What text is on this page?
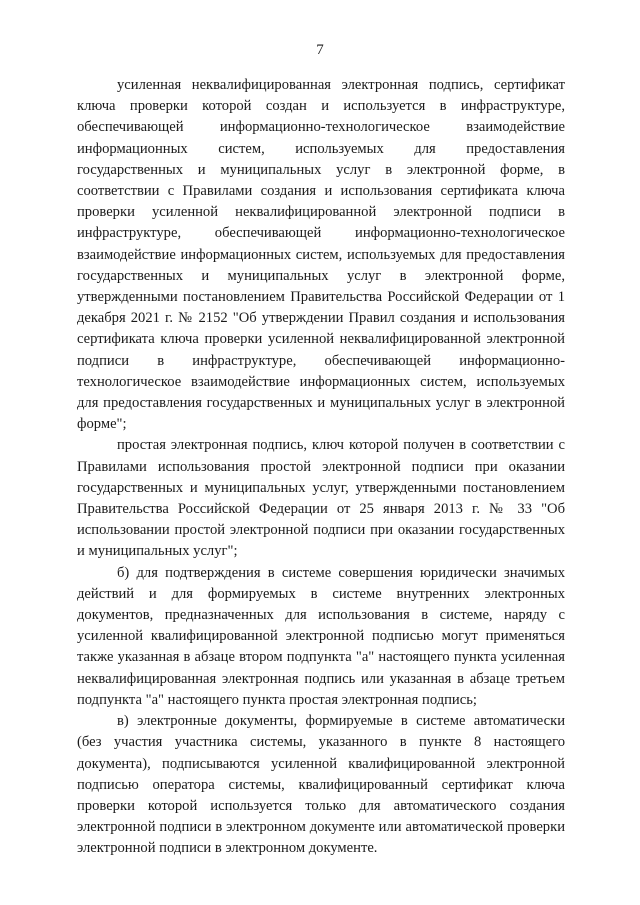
7

усиленная неквалифицированная электронная подпись, сертификат ключа проверки которой создан и используется в инфраструктуре, обеспечивающей информационно-технологическое взаимодействие информационных систем, используемых для предоставления государственных и муниципальных услуг в электронной форме, в соответствии с Правилами создания и использования сертификата ключа проверки усиленной неквалифицированной электронной подписи в инфраструктуре, обеспечивающей информационно-технологическое взаимодействие информационных систем, используемых для предоставления государственных и муниципальных услуг в электронной форме, утвержденными постановлением Правительства Российской Федерации от 1 декабря 2021 г. № 2152 "Об утверждении Правил создания и использования сертификата ключа проверки усиленной неквалифицированной электронной подписи в инфраструктуре, обеспечивающей информационно-технологическое взаимодействие информационных систем, используемых для предоставления государственных и муниципальных услуг в электронной форме";

простая электронная подпись, ключ которой получен в соответствии с Правилами использования простой электронной подписи при оказании государственных и муниципальных услуг, утвержденными постановлением Правительства Российской Федерации от 25 января 2013 г. № 33 "Об использовании простой электронной подписи при оказании государственных и муниципальных услуг";

б) для подтверждения в системе совершения юридически значимых действий и для формируемых в системе внутренних электронных документов, предназначенных для использования в системе, наряду с усиленной квалифицированной электронной подписью могут применяться также указанная в абзаце втором подпункта "а" настоящего пункта усиленная неквалифицированная электронная подпись или указанная в абзаце третьем подпункта "а" настоящего пункта простая электронная подпись;

в) электронные документы, формируемые в системе автоматически (без участия участника системы, указанного в пункте 8 настоящего документа), подписываются усиленной квалифицированной электронной подписью оператора системы, квалифицированный сертификат ключа проверки которой используется только для автоматического создания электронной подписи в электронном документе или автоматической проверки электронной подписи в электронном документе.
